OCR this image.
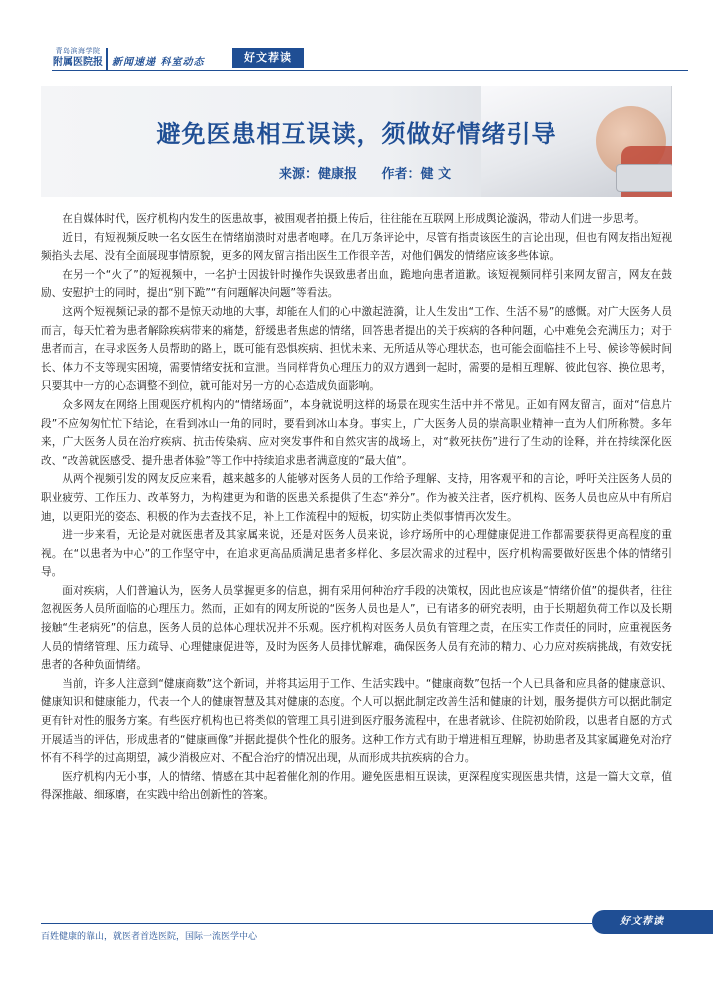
青岛滨海学院
附属医院报 新闻速递 科室动态	好文荐读
避免医患相互误读，须做好情绪引导
来源：健康报 作者：健 文

在自媒体时代，医疗机构内发生的医患故事，被围观者拍摄上传后，往往能在互联网上形成舆论漩涡，带动人们进一步思考。

近日，有短视频反映一名女医生在情绪崩溃时对患者咆哮。在几万条评论中，尽管有指责该医生的言论出现，但也有网友指出短视频掐头去尾、没有全面展现事情原貌，更多的网友留言指出医生工作很辛苦，对他们偶发的情绪应该多些体谅。

在另一个“火了”的短视频中，一名护士因拔针时操作失误致患者出血，跪地向患者道歉。该短视频同样引来网友留言，网友在鼓励、安慰护士的同时，提出“别下跪”“有问题解决问题”等看法。

这两个短视频记录的都不是惊天动地的大事，却能在人们的心中激起涟漪，让人生发出“工作、生活不易”的感慨。对广大医务人员而言，每天忙着为患者解除疾病带来的痛楚，舒缓患者焦虑的情绪，回答患者提出的关于疾病的各种问题，心中难免会充满压力；对于患者而言，在寻求医务人员帮助的路上，既可能有恐惧疾病、担忧未来、无所适从等心理状态，也可能会面临挂不上号、候诊等候时间长、体力不支等现实困境，需要情绪安抚和宣泄。当同样背负心理压力的双方遇到一起时，需要的是相互理解、彼此包容、换位思考，只要其中一方的心态调整不到位，就可能对另一方的心态造成负面影响。

众多网友在网络上围观医疗机构内的“情绪场面”，本身就说明这样的场景在现实生活中并不常见。正如有网友留言，面对“信息片段”不应匆匆忙忙下结论，在看到冰山一角的同时，要看到冰山本身。事实上，广大医务人员的崇高职业精神一直为人们所称赞。多年来，广大医务人员在治疗疾病、抗击传染病、应对突发事件和自然灾害的战场上，对“救死扶伤”进行了生动的诠释，并在持续深化医改、“改善就医感受、提升患者体验”等工作中持续追求患者满意度的“最大值”。

从两个视频引发的网友反应来看，越来越多的人能够对医务人员的工作给予理解、支持，用客观平和的言论，呼吁关注医务人员的职业疲劳、工作压力、改革努力，为构建更为和谐的医患关系提供了生态“养分”。作为被关注者，医疗机构、医务人员也应从中有所启迪，以更阳光的姿态、积极的作为去查找不足，补上工作流程中的短板，切实防止类似事情再次发生。

进一步来看，无论是对就医患者及其家属来说，还是对医务人员来说，诊疗场所中的心理健康促进工作都需要获得更高程度的重视。在“以患者为中心”的工作坚守中，在追求更高品质满足患者多样化、多层次需求的过程中，医疗机构需要做好医患个体的情绪引导。

面对疾病，人们普遍认为，医务人员掌握更多的信息，拥有采用何种治疗手段的决策权，因此也应该是“情绪价值”的提供者，往往忽视医务人员所面临的心理压力。然而，正如有的网友所说的“医务人员也是人”，已有诸多的研究表明，由于长期超负荷工作以及长期接触“生老病死”的信息，医务人员的总体心理状况并不乐观。医疗机构对医务人员负有管理之责，在压实工作责任的同时，应重视医务人员的情绪管理、压力疏导、心理健康促进等，及时为医务人员排忧解难，确保医务人员有充沛的精力、心力应对疾病挑战，有效安抚患者的各种负面情绪。

当前，许多人注意到“健康商数”这个新词，并将其运用于工作、生活实践中。“健康商数”包括一个人已具备和应具备的健康意识、健康知识和健康能力，代表一个人的健康智慧及其对健康的态度。个人可以据此制定改善生活和健康的计划，服务提供方可以据此制定更有针对性的服务方案。有些医疗机构也已将类似的管理工具引进到医疗服务流程中，在患者就诊、住院初始阶段，以患者自愿的方式开展适当的评估，形成患者的“健康画像”并据此提供个性化的服务。这种工作方式有助于增进相互理解，协助患者及其家属避免对治疗怀有不科学的过高期望，减少消极应对、不配合治疗的情况出现，从而形成共抗疾病的合力。

医疗机构内无小事，人的情绪、情感在其中起着催化剂的作用。避免医患相互误读，更深程度实现医患共情，这是一篇大文章，值得深推敲、细琢磨，在实践中给出创新性的答案。

好文荐读
百姓健康的靠山，就医者首选医院，国际一流医学中心
